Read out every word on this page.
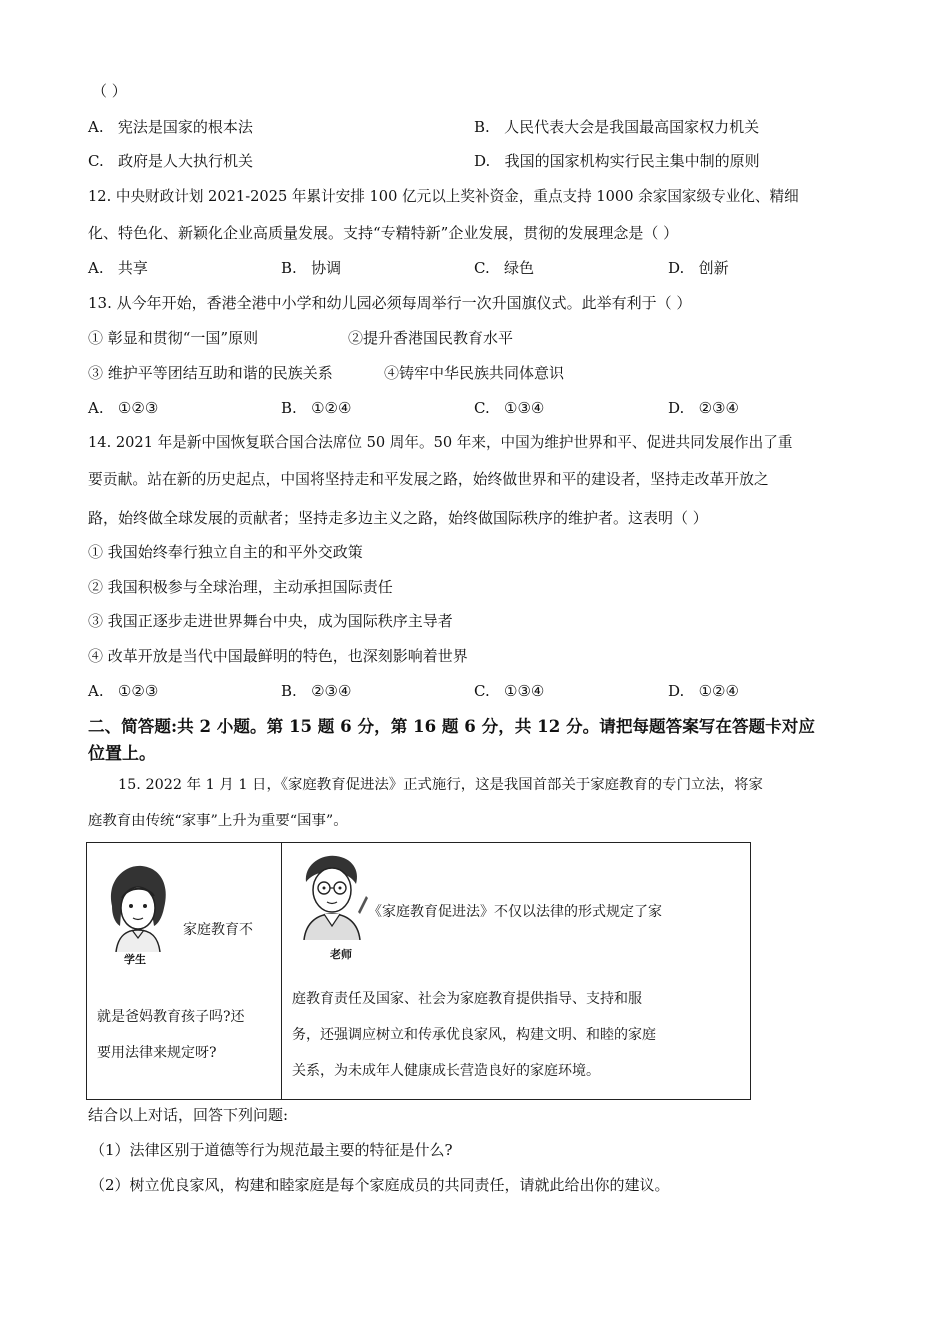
（ ）
A. 宪法是国家的根本法	B. 人民代表大会是我国最高国家权力机关
C. 政府是人大执行机关	D. 我国的国家机构实行民主集中制的原则
12. 中央财政计划 2021-2025 年累计安排 100 亿元以上奖补资金，重点支持 1000 余家国家级专业化、精细
化、特色化、新颖化企业高质量发展。支持“专精特新”企业发展，贯彻的发展理念是（ ）
A. 共享	B. 协调	C. 绿色	D. 创新
13. 从今年开始，香港全港中小学和幼儿园必须每周举行一次升国旗仪式。此举有利于（ ）
① 彰显和贯彻“一国”原则	②提升香港国民教育水平
③ 维护平等团结互助和谐的民族关系	④铸牢中华民族共同体意识
A. ①②③	B. ①②④	C. ①③④	D. ②③④
14. 2021 年是新中国恢复联合国合法席位 50 周年。50 年来，中国为维护世界和平、促进共同发展作出了重
要贡献。站在新的历史起点，中国将坚持走和平发展之路，始终做世界和平的建设者，坚持走改革开放之
路，始终做全球发展的贡献者；坚持走多边主义之路，始终做国际秩序的维护者。这表明（ ）
① 我国始终奉行独立自主的和平外交政策
② 我国积极参与全球治理，主动承担国际责任
③ 我国正逐步走进世界舞台中央，成为国际秩序主导者
④ 改革开放是当代中国最鲜明的特色，也深刻影响着世界
A. ①②③	B. ②③④	C. ①③④	D. ①②④
二、简答题:共 2 小题。第 15 题 6 分，第 16 题 6 分，共 12 分。请把每题答案写在答题卡对应
位置上。
15. 2022 年 1 月 1 日，《家庭教育促进法》正式施行，这是我国首部关于家庭教育的专门立法，将家
庭教育由传统“家事”上升为重要“国事”。
学生
家庭教育不
就是爸妈教育孩子吗?还
要用法律来规定呀?
老师
《家庭教育促进法》不仅以法律的形式规定了家
庭教育责任及国家、社会为家庭教育提供指导、支持和服
务，还强调应树立和传承优良家风，构建文明、和睦的家庭
关系，为未成年人健康成长营造良好的家庭环境。
结合以上对话，回答下列问题:
（1）法律区别于道德等行为规范最主要的特征是什么?
（2）树立优良家风，构建和睦家庭是每个家庭成员的共同责任，请就此给出你的建议。
